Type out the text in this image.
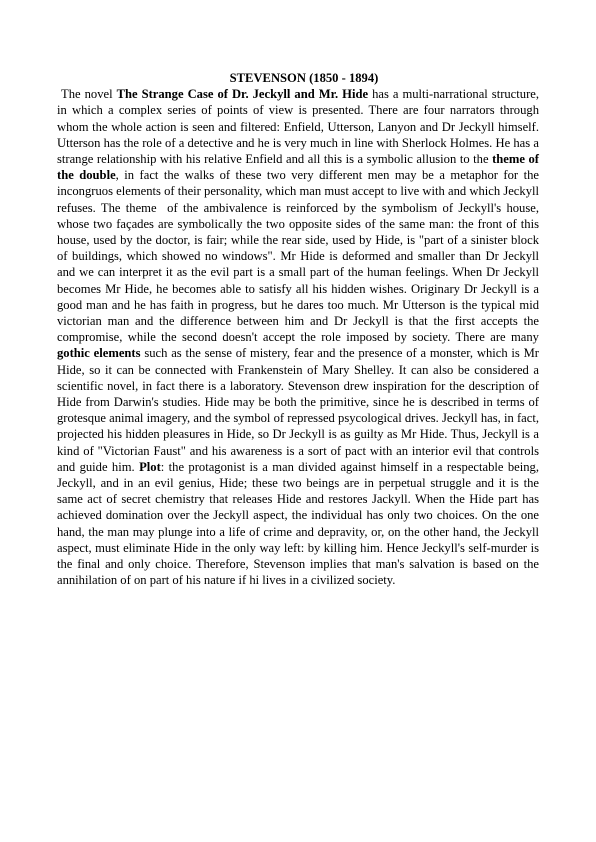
STEVENSON (1850 - 1894)

The novel The Strange Case of Dr. Jeckyll and Mr. Hide has a multi-narrational structure, in which a complex series of points of view is presented. There are four narrators through whom the whole action is seen and filtered: Enfield, Utterson, Lanyon and Dr Jeckyll himself. Utterson has the role of a detective and he is very much in line with Sherlock Holmes. He has a strange relationship with his relative Enfield and all this is a symbolic allusion to the theme of the double, in fact the walks of these two very different men may be a metaphor for the incongruos elements of their personality, which man must accept to live with and which Jeckyll refuses. The theme  of the ambivalence is reinforced by the symbolism of Jeckyll's house, whose two façades are symbolically the two opposite sides of the same man: the front of this house, used by the doctor, is fair; while the rear side, used by Hide, is "part of a sinister block of buildings, which showed no windows". Mr Hide is deformed and smaller than Dr Jeckyll and we can interpret it as the evil part is a small part of the human feelings. When Dr Jeckyll becomes Mr Hide, he becomes able to satisfy all his hidden wishes. Originary Dr Jeckyll is a good man and he has faith in progress, but he dares too much. Mr Utterson is the typical mid victorian man and the difference between him and Dr Jeckyll is that the first accepts the compromise, while the second doesn't accept the role imposed by society. There are many gothic elements such as the sense of mistery, fear and the presence of a monster, which is Mr Hide, so it can be connected with Frankenstein of Mary Shelley. It can also be considered a scientific novel, in fact there is a laboratory. Stevenson drew inspiration for the description of Hide from Darwin's studies. Hide may be both the primitive, since he is described in terms of grotesque animal imagery, and the symbol of repressed psycological drives. Jeckyll has, in fact, projected his hidden pleasures in Hide, so Dr Jeckyll is as guilty as Mr Hide. Thus, Jeckyll is a kind of "Victorian Faust" and his awareness is a sort of pact with an interior evil that controls and guide him. Plot: the protagonist is a man divided against himself in a respectable being, Jeckyll, and in an evil genius, Hide; these two beings are in perpetual struggle and it is the same act of secret chemistry that releases Hide and restores Jackyll. When the Hide part has achieved domination over the Jeckyll aspect, the individual has only two choices. On the one hand, the man may plunge into a life of crime and depravity, or, on the other hand, the Jeckyll aspect, must eliminate Hide in the only way left: by killing him. Hence Jeckyll's self-murder is the final and only choice. Therefore, Stevenson implies that man's salvation is based on the annihilation of on part of his nature if hi lives in a civilized society.
